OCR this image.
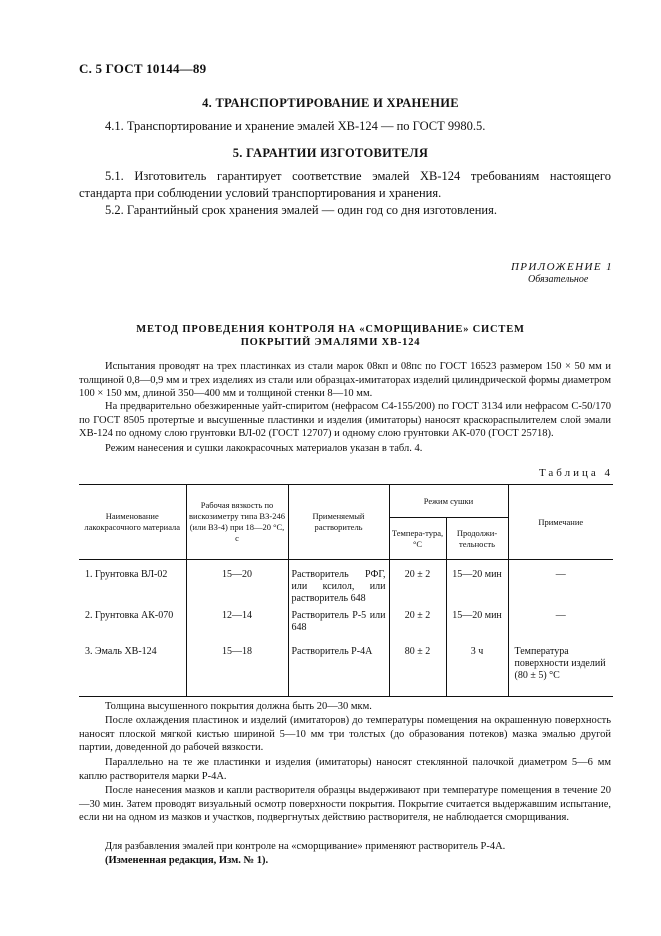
С. 5 ГОСТ 10144—89
4. ТРАНСПОРТИРОВАНИЕ И ХРАНЕНИЕ
4.1. Транспортирование и хранение эмалей ХВ-124 — по ГОСТ 9980.5.
5. ГАРАНТИИ ИЗГОТОВИТЕЛЯ
5.1. Изготовитель гарантирует соответствие эмалей ХВ-124 требованиям настоящего стандарта при соблюдении условий транспортирования и хранения.
5.2. Гарантийный срок хранения эмалей — один год со дня изготовления.
ПРИЛОЖЕНИЕ 1
Обязательное
МЕТОД ПРОВЕДЕНИЯ КОНТРОЛЯ НА «СМОРЩИВАНИЕ» СИСТЕМ
ПОКРЫТИЙ ЭМАЛЯМИ ХВ-124
Испытания проводят на трех пластинках из стали марок 08кп и 08пс по ГОСТ 16523 размером 150 × 50 мм и толщиной 0,8—0,9 мм и трех изделиях из стали или образцах-имитаторах изделий цилиндрической формы диаметром 100 × 150 мм, длиной 350—400 мм и толщиной стенки 8—10 мм.
На предварительно обезжиренные уайт-спиритом (нефрасом С4-155/200) по ГОСТ 3134 или нефрасом С-50/170 по ГОСТ 8505 протертые и высушенные пластинки и изделия (имитаторы) наносят краскораспылителем слой эмали ХВ-124 по одному слою грунтовки ВЛ-02 (ГОСТ 12707) и одному слою грунтовки АК-070 (ГОСТ 25718).
Режим нанесения и сушки лакокрасочных материалов указан в табл. 4.
Таблица 4
Наименование лакокрасочного материала	Рабочая вязкость по вискозиметру типа ВЗ-246 (или ВЗ-4) при 18—20 °С, с	Применяемый растворитель	Режим сушки		Примечание
			Темпера-тура, °С	Продолжи-тельность	
1. Грунтовка ВЛ-02	15—20	Растворитель РФГ, или ксилол, или растворитель 648	20 ± 2	15—20 мин	—
2. Грунтовка АК-070	12—14	Растворитель Р-5 или 648	20 ± 2	15—20 мин	—
3. Эмаль ХВ-124	15—18	Растворитель Р-4А	80 ± 2	3 ч	Температура поверхности изделий (80 ± 5) °С
Толщина высушенного покрытия должна быть 20—30 мкм.
После охлаждения пластинок и изделий (имитаторов) до температуры помещения на окрашенную поверхность наносят плоской мягкой кистью шириной 5—10 мм три толстых (до образования потеков) мазка эмалью другой партии, доведенной до рабочей вязкости.
Параллельно на те же пластинки и изделия (имитаторы) наносят стеклянной палочкой диаметром 5—6 мм каплю растворителя марки Р-4А.
После нанесения мазков и капли растворителя образцы выдерживают при температуре помещения в течение 20—30 мин. Затем проводят визуальный осмотр поверхности покрытия. Покрытие считается выдержавшим испытание, если ни на одном из мазков и участков, подвергнутых действию растворителя, не наблюдается сморщивания.
Для разбавления эмалей при контроле на «сморщивание» применяют растворитель Р-4А.
(Измененная редакция, Изм. № 1).
